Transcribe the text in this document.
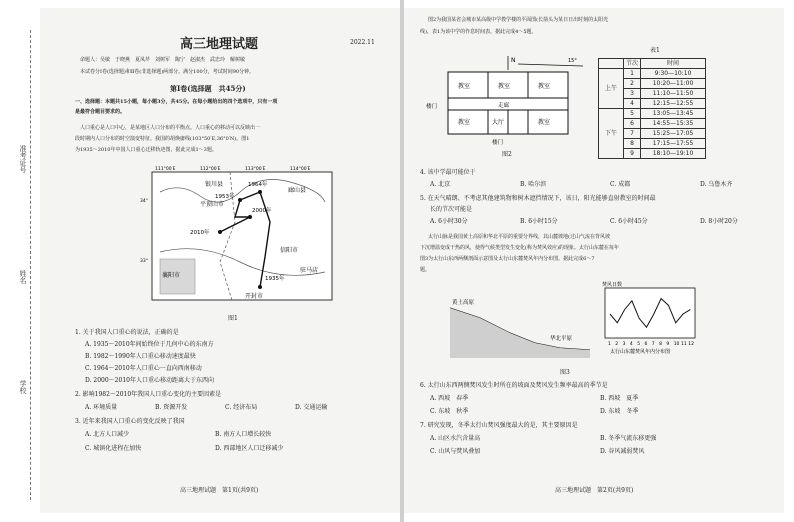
准考证号
姓名
学校
高三地理试题	2022.11
命题人：吴敏　于晓燕　夏凤芹　刘树军　陶宁　赵淑杰　武忠玲　解树敏
本试卷分Ⅰ卷(选择题)和Ⅱ卷(非选择题)两部分。满分100分，考试时间90分钟。
第Ⅰ卷(选择题　共45分)
一、选择题：本题共15小题，每小题3分，共45分。在每小题给出的四个选项中，只有一项
是最符合题目要求的。
人口重心是人口中心，是某地区人口分布的平衡点。人口重心的移动可以反映出一
段时期内人口分布的时空演变特征。我国的胡焕庸线(103°50′E,36°0′N)。图1
为1935～2010年中国人口重心迁移轨迹图，据此完成1～3题。
银川县
廊山县
信阳市
襄阳市
平顶山市
开封市
驻马店
2000年
2010年
1964年
1953年
1935年
111°00′E	112°00′E	113°00′E	114°00′E
34°
33°
图1
1. 关于我国人口重心的说法，正确的是
A. 1935～2010年间始终位于几何中心的东南方
B. 1982～1990年人口重心移动速度最快
C. 1964～2010年人口重心一直向西南移动
D. 2000～2010年人口重心移动距离大于东西向
2. 影响1982～2010年我国人口重心变化的主要因素是
A. 环境质量	B. 资源开发	C. 经济布局	D. 交通运输
3. 近年来我国人口重心的变化反映了我国
A. 北方人口减少	B. 南方人口增长较快
C. 城镇化进程在加快	D. 西部地区人口迁移减少
高三地理试题　第1页(共9页)
图2为我国某省会城市某高级中学教学楼的平面图(长箭头为某日日出时刻的太阳光
线)，表1为该中学的作息时间表。据此完成4～5题。
N	15°
教室	教室	教室
走廊
教室	大厅	教室
楼门
楼门
图2
表1
	节次	时间
上午	1	9:30—10:10
	2	10:20—11:00
	3	11:10—11:50
	4	12:15—12:55
下午	5	13:05—13:45
	6	14:55—15:35
	7	15:25—17:05
	8	17:15—17:55
	9	18:10—19:10
4. 该中学最可能位于
A. 北京	B. 哈尔滨	C. 成都	D. 乌鲁木齐
5. 在天气晴朗、不考虑其他建筑物和树木遮挡情况下，该日，阳光能够直射教室的时间最
长的节次可能是
A. 6小时30分	B. 6小时15分	C. 6小时45分	D. 8小时20分
太行山脉是我国黄土高原和华北平原的重要分界线，其山麓坡地(过山气流在背风坡
下沉增温变成干热的风，使得气候类型发生变化(称为焚风效应)的现象。太行山东麓在每年
图3为太行山东西两侧剖面示意图及太行山东麓焚风年内分布图。据此完成6～7
题。
黄土高原
华北平原
1 2 3 4 5 6 7 8 9 10 11 12
太行山东麓焚风年内分布图
焚风日数
图3
6. 太行山东西两侧焚风发生时所在的坡面及焚风发生频率最高的季节是
A. 西坡　春季	B. 西坡　夏季
C. 东坡　秋季	D. 东坡　冬季
7. 研究发现，冬季太行山焚风强度最大的是，其主要原因是
A. 山区水汽含量高	B. 冬季气流东移更强
C. 山风与焚风叠加	D. 谷风减弱焚风
高三地理试题　第2页(共9页)
